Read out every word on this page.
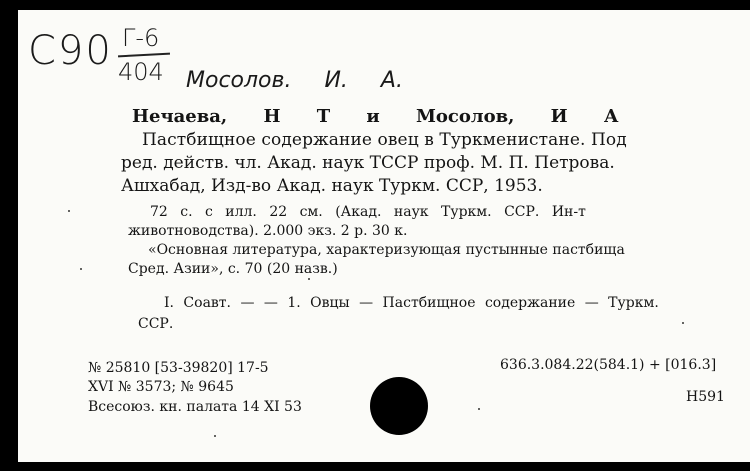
С90 Г-6
404 Мосолов. И. А.
Нечаева, Н Т и Мосолов, И А
Пастбищное содержание овец в Туркменистане. Под
ред. действ. чл. Акад. наук ТССР проф. М. П. Петрова.
Ашхабад, Изд-во Акад. наук Туркм. ССР, 1953.
72 с. с илл. 22 см. (Акад. наук Туркм. ССР. Ин-т
животноводства). 2.000 экз. 2 р. 30 к.
«Основная литература, характеризующая пустынные пастбища
Сред. Азии», с. 70 (20 назв.)
I. Соавт. — — 1. Овцы — Пастбищное содержание — Туркм.
ССР.
№ 25810 [53-39820] 17-5
XVI № 3573; № 9645
Всесоюз. кн. палата 14 XI 53
636.3.084.22(584.1) + [016.3]
Н591
